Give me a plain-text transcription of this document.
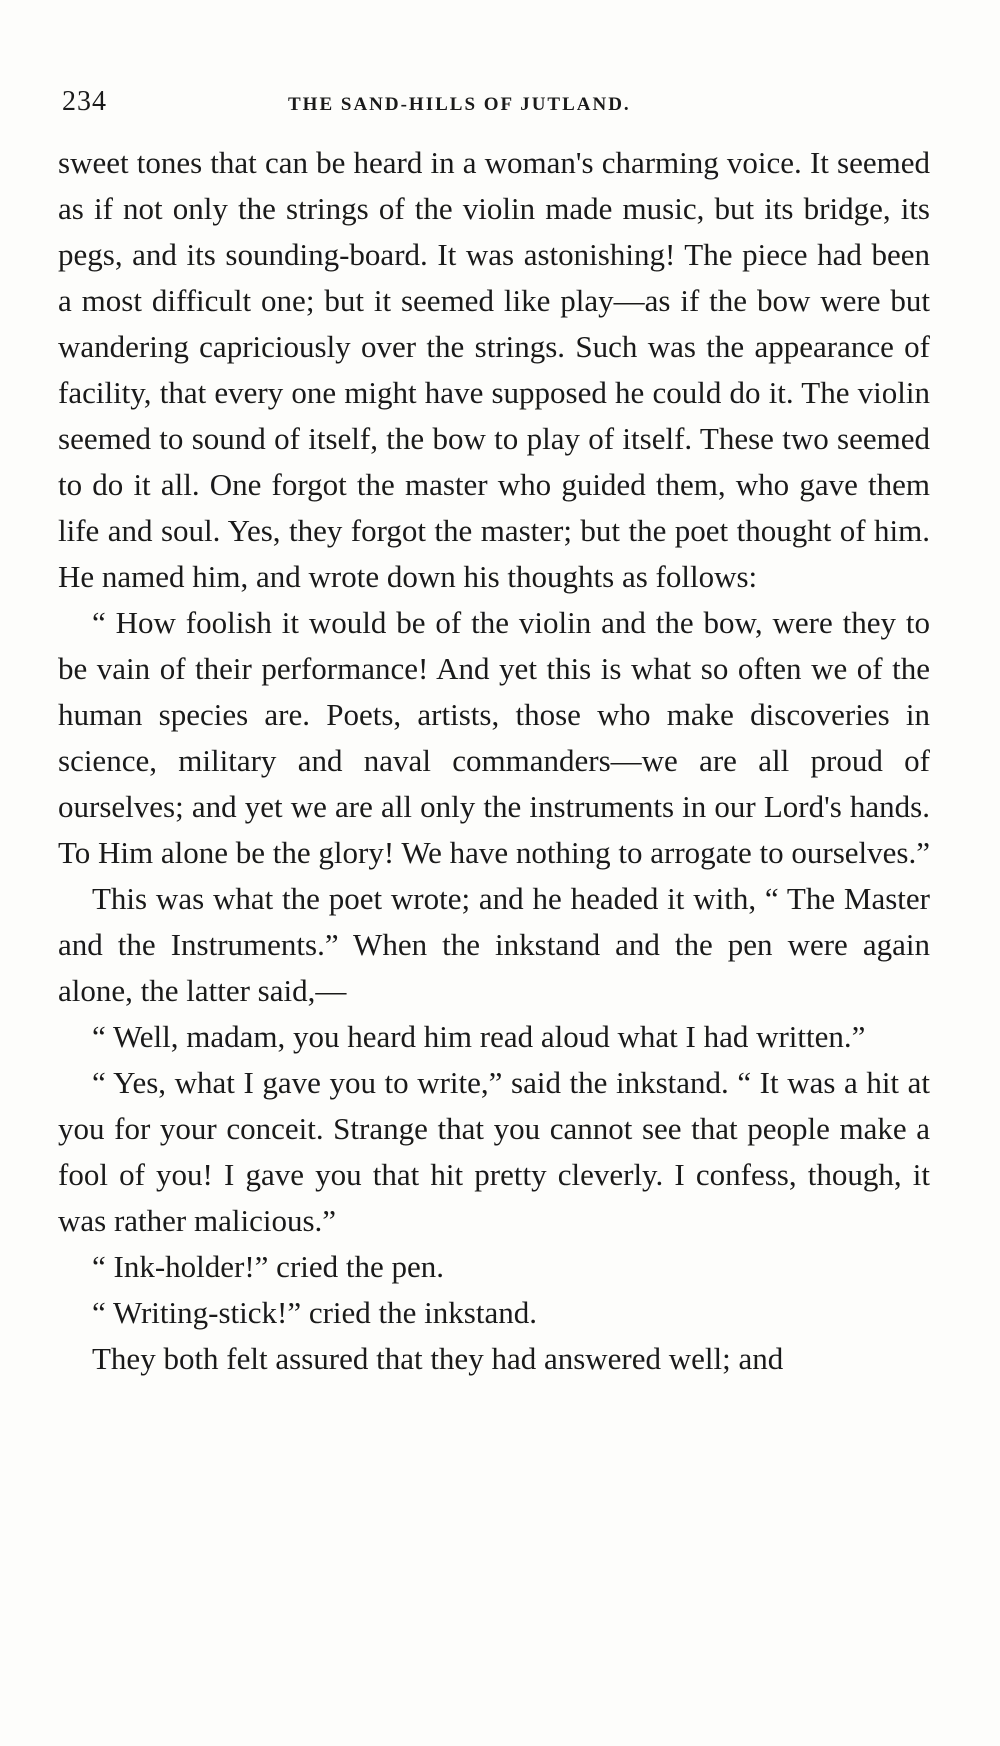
234	THE SAND-HILLS OF JUTLAND.

sweet tones that can be heard in a woman's charming voice. It seemed as if not only the strings of the violin made music, but its bridge, its pegs, and its sounding-board. It was astonishing! The piece had been a most difficult one; but it seemed like play—as if the bow were but wandering capriciously over the strings. Such was the appearance of facility, that every one might have supposed he could do it. The violin seemed to sound of itself, the bow to play of itself. These two seemed to do it all. One forgot the master who guided them, who gave them life and soul. Yes, they forgot the master; but the poet thought of him. He named him, and wrote down his thoughts as follows:

“ How foolish it would be of the violin and the bow, were they to be vain of their performance! And yet this is what so often we of the human species are. Poets, artists, those who make discoveries in science, military and naval commanders—we are all proud of ourselves; and yet we are all only the instruments in our Lord's hands. To Him alone be the glory! We have nothing to arrogate to ourselves.”

This was what the poet wrote; and he headed it with, “ The Master and the Instruments.” When the inkstand and the pen were again alone, the latter said,—

“ Well, madam, you heard him read aloud what I had written.”

“ Yes, what I gave you to write,” said the inkstand. “ It was a hit at you for your conceit. Strange that you cannot see that people make a fool of you! I gave you that hit pretty cleverly. I confess, though, it was rather malicious.”

“ Ink-holder!” cried the pen.

“ Writing-stick!” cried the inkstand.

They both felt assured that they had answered well; and
